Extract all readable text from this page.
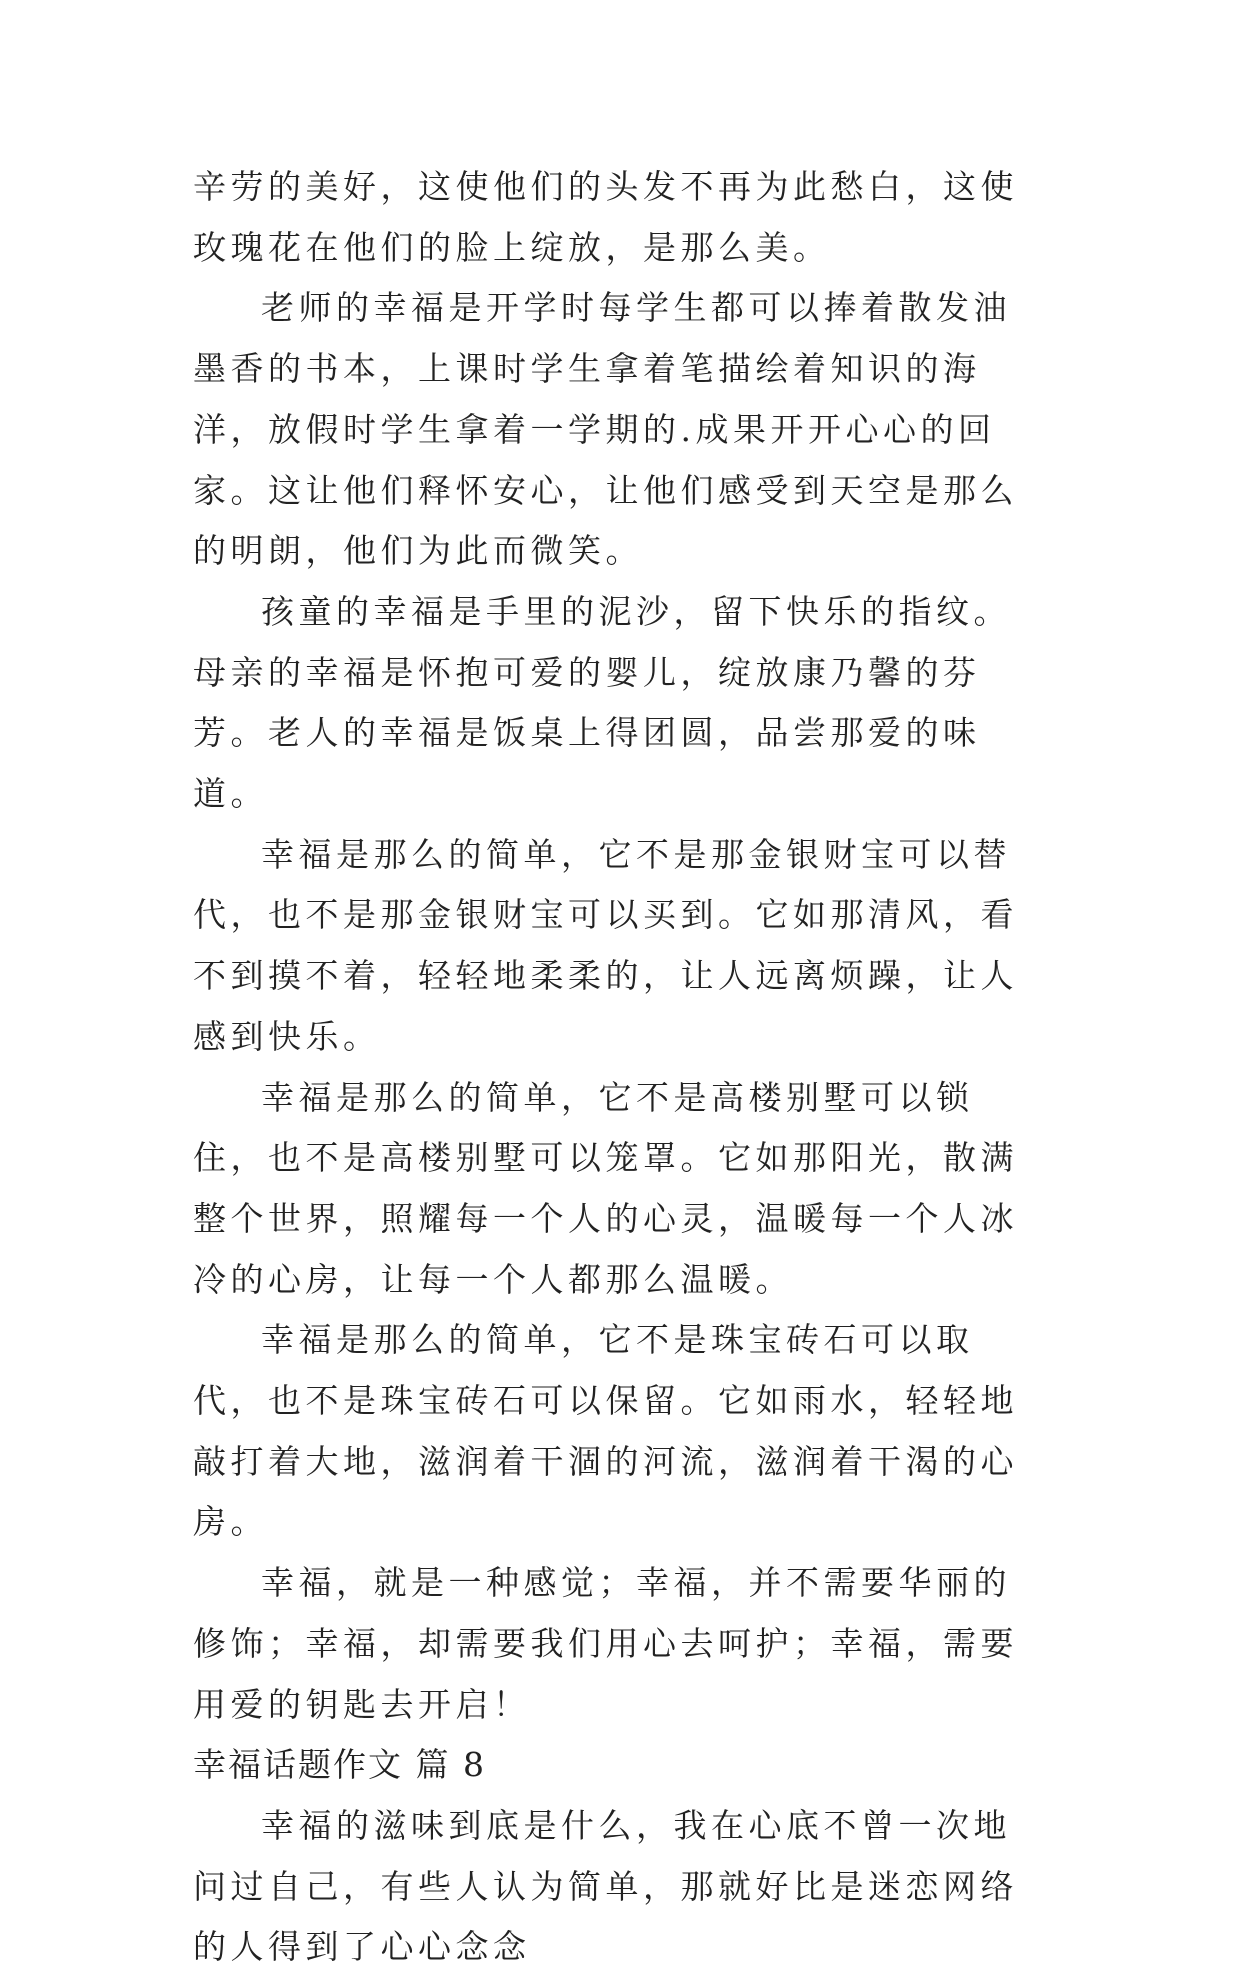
辛劳的美好，这使他们的头发不再为此愁白，这使玫瑰花在他们的脸上绽放，是那么美。

老师的幸福是开学时每学生都可以捧着散发油墨香的书本，上课时学生拿着笔描绘着知识的海洋，放假时学生拿着一学期的.成果开开心心的回家。这让他们释怀安心，让他们感受到天空是那么的明朗，他们为此而微笑。

孩童的幸福是手里的泥沙，留下快乐的指纹。母亲的幸福是怀抱可爱的婴儿，绽放康乃馨的芬芳。老人的幸福是饭桌上得团圆，品尝那爱的味道。

幸福是那么的简单，它不是那金银财宝可以替代，也不是那金银财宝可以买到。它如那清风，看不到摸不着，轻轻地柔柔的，让人远离烦躁，让人感到快乐。

幸福是那么的简单，它不是高楼别墅可以锁住，也不是高楼别墅可以笼罩。它如那阳光，散满整个世界，照耀每一个人的心灵，温暖每一个人冰冷的心房，让每一个人都那么温暖。

幸福是那么的简单，它不是珠宝砖石可以取代，也不是珠宝砖石可以保留。它如雨水，轻轻地敲打着大地，滋润着干涸的河流，滋润着干渴的心房。

幸福，就是一种感觉；幸福，并不需要华丽的修饰；幸福，却需要我们用心去呵护；幸福，需要用爱的钥匙去开启！

幸福话题作文 篇 8

幸福的滋味到底是什么，我在心底不曾一次地问过自己，有些人认为简单，那就好比是迷恋网络的人得到了心心念念
